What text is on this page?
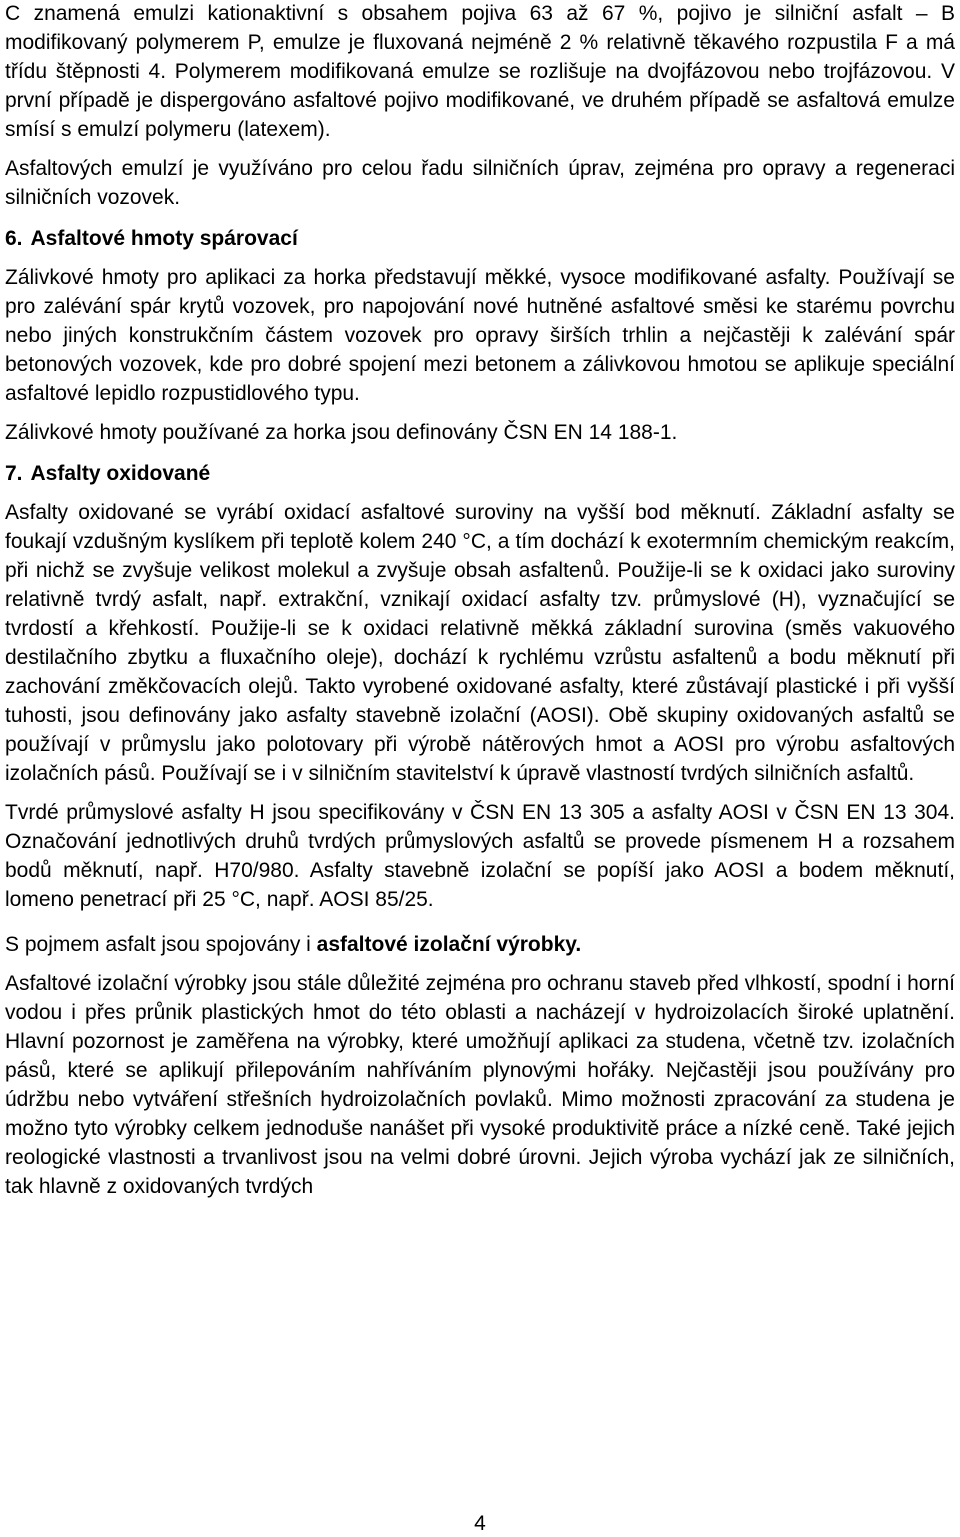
C znamená emulzi kationaktivní s obsahem pojiva 63 až 67 %, pojivo je silniční asfalt – B modifikovaný polymerem P, emulze je fluxovaná nejméně 2 % relativně těkavého rozpustila F a má třídu štěpnosti 4. Polymerem modifikovaná emulze se rozlišuje na dvojfázovou nebo trojfázovou. V první případě je dispergováno asfaltové pojivo modifikované, ve druhém případě se asfaltová emulze smísí s emulzí polymeru (latexem).

Asfaltových emulzí je využíváno pro celou řadu silničních úprav, zejména pro opravy a regeneraci silničních vozovek.

6. Asfaltové hmoty spárovací

Zálivkové hmoty pro aplikaci za horka představují měkké, vysoce modifikované asfalty. Používají se pro zalévání spár krytů vozovek, pro napojování nové hutněné asfaltové směsi ke starému povrchu nebo jiných konstrukčním částem vozovek pro opravy širších trhlin a nejčastěji k zalévání spár betonových vozovek, kde pro dobré spojení mezi betonem a zálivkovou hmotou se aplikuje speciální asfaltové lepidlo rozpustidlového typu.

Zálivkové hmoty používané za horka jsou definovány ČSN EN 14 188-1.

7. Asfalty oxidované

Asfalty oxidované se vyrábí oxidací asfaltové suroviny na vyšší bod měknutí. Základní asfalty se foukají vzdušným kyslíkem při teplotě kolem 240 °C, a tím dochází k exotermním chemickým reakcím, při nichž se zvyšuje velikost molekul a zvyšuje obsah asfaltenů. Použije-li se k oxidaci jako suroviny relativně tvrdý asfalt, např. extrakční, vznikají oxidací asfalty tzv. průmyslové (H), vyznačující se tvrdostí a křehkostí. Použije-li se k oxidaci relativně měkká základní surovina (směs vakuového destilačního zbytku a fluxačního oleje), dochází k rychlému vzrůstu asfaltenů a bodu měknutí při zachování změkčovacích olejů. Takto vyrobené oxidované asfalty, které zůstávají plastické i při vyšší tuhosti, jsou definovány jako asfalty stavebně izolační (AOSI). Obě skupiny oxidovaných asfaltů se používají v průmyslu jako polotovary při výrobě nátěrových hmot a AOSI pro výrobu asfaltových izolačních pásů. Používají se i v silničním stavitelství k úpravě vlastností tvrdých silničních asfaltů.

Tvrdé průmyslové asfalty H jsou specifikovány v ČSN EN 13 305 a asfalty AOSI v ČSN EN 13 304. Označování jednotlivých druhů tvrdých průmyslových asfaltů se provede písmenem H a rozsahem bodů měknutí, např. H70/980. Asfalty stavebně izolační se popíší jako AOSI a bodem měknutí, lomeno penetrací při 25 °C, např. AOSI 85/25.

S pojmem asfalt jsou spojovány i asfaltové izolační výrobky.

Asfaltové izolační výrobky jsou stále důležité zejména pro ochranu staveb před vlhkostí, spodní i horní vodou i přes průnik plastických hmot do této oblasti a nacházejí v hydroizolacích široké uplatnění. Hlavní pozornost je zaměřena na výrobky, které umožňují aplikaci za studena, včetně tzv. izolačních pásů, které se aplikují přilepováním nahříváním plynovými hořáky. Nejčastěji jsou používány pro údržbu nebo vytváření střešních hydroizolačních povlaků. Mimo možnosti zpracování za studena je možno tyto výrobky celkem jednoduše nanášet při vysoké produktivitě práce a nízké ceně. Také jejich reologické vlastnosti a trvanlivost jsou na velmi dobré úrovni. Jejich výroba vychází jak ze silničních, tak hlavně z oxidovaných tvrdých

4
